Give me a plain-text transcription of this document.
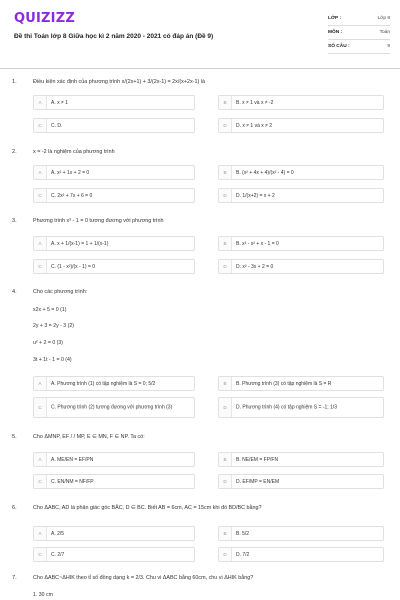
QUIZIZZ
Đề thi Toán lớp 8 Giữa học kì 2 năm 2020 - 2021 có đáp án (Đề 9)
LỚP :	Lớp 8
MÔN :	Toán
SỐ CÂU :	9
1.	Điều kiện xác định của phương trình x/(2x+1) + 3/(2x-1) = 2x/(x+2x-1) là
A	A. x ≠ 1	B	B. x ≠ 1 và x ≠ -2
C	C. D.	D	D. x ≠ 1 và x ≠ 2
2.	x = -2 là nghiệm của phương trình
A	A. x² + 1x + 2 = 0	B	B. (x² + 4x + 4)/(x² - 4) = 0
C	C. 2x² + 7x + 6 = 0	D	D. 1/(x+2) = x + 2
3.	Phương trình x³ - 1 = 0 tương đương với phương trình
A	A. x + 1/(x-1) = 1 + 1/(x-1)	B	B. x³ - x² + x - 1 = 0
C	C. (1 - x²)/(x - 1) = 0	D	D. x² - 3x + 2 = 0
4.	Cho các phương trình:
x2x + 5 = 0 (1)
2y + 3 = 2y - 3 (2)
u² + 2 = 0 (3)
3t + 1t - 1 = 0 (4)
A	A. Phương trình (1) có tập nghiệm là S = 0; 5/2	B	B. Phương trình (3) có tập nghiệm là S = R
C	C. Phương trình (2) tương đương với phương trình (3)	D	D. Phương trình (4) có tập nghiệm S = -1; 1/3
5.	Cho ΔMNP, EF / / MP, E ∈ MN, F ∈ NP. Ta có:
A	A. ME/EN = EF/PN	B	B. NE/EM = FP/FN
C	C. EN/NM = NF/FP	D	D. EF/MP = EN/EM
6.	Cho ΔABC, AD là phân giác góc BÂC, D ∈ BC. Biết AB = 6cm, AC = 15cm khi đó BD/BC bằng?
A	A. 2/5	B	B. 5/2
C	C. 2/7	D	D. 7/2
7.	Cho ΔABC~ΔHIK theo tỉ số đồng dạng k = 2/3. Chu vi ΔABC bằng 60cm, chu vi ΔHIK bằng?
1. 30 cm
